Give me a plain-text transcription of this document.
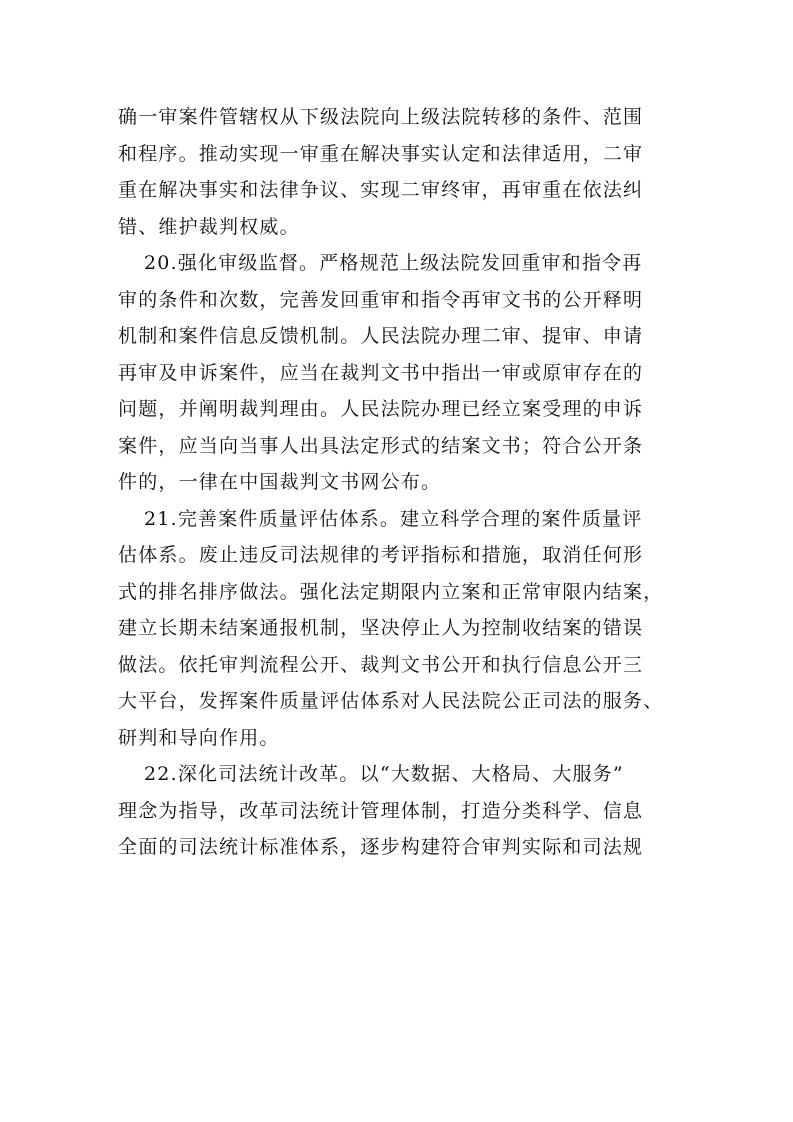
确一审案件管辖权从下级法院向上级法院转移的条件、范围
和程序。推动实现一审重在解决事实认定和法律适用，二审
重在解决事实和法律争议、实现二审终审，再审重在依法纠
错、维护裁判权威。
20.强化审级监督。严格规范上级法院发回重审和指令再
审的条件和次数，完善发回重审和指令再审文书的公开释明
机制和案件信息反馈机制。人民法院办理二审、提审、申请
再审及申诉案件，应当在裁判文书中指出一审或原审存在的
问题，并阐明裁判理由。人民法院办理已经立案受理的申诉
案件，应当向当事人出具法定形式的结案文书；符合公开条
件的，一律在中国裁判文书网公布。
21.完善案件质量评估体系。建立科学合理的案件质量评
估体系。废止违反司法规律的考评指标和措施，取消任何形
式的排名排序做法。强化法定期限内立案和正常审限内结案，
建立长期未结案通报机制，坚决停止人为控制收结案的错误
做法。依托审判流程公开、裁判文书公开和执行信息公开三
大平台，发挥案件质量评估体系对人民法院公正司法的服务、
研判和导向作用。
22.深化司法统计改革。以“大数据、大格局、大服务”
理念为指导，改革司法统计管理体制，打造分类科学、信息
全面的司法统计标准体系，逐步构建符合审判实际和司法规
